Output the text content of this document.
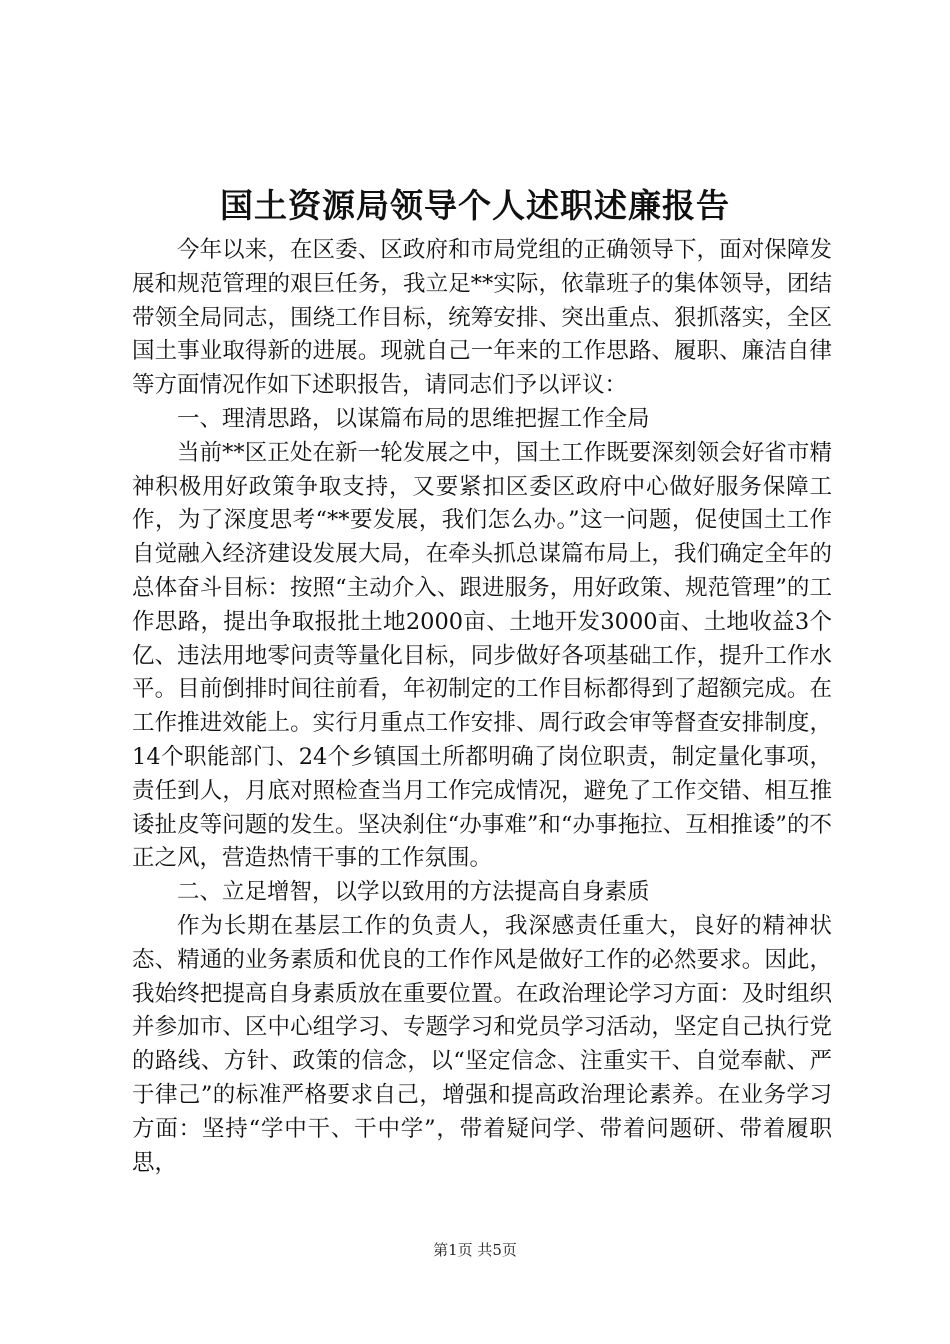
国土资源局领导个人述职述廉报告

今年以来，在区委、区政府和市局党组的正确领导下，面对保障发展和规范管理的艰巨任务，我立足**实际，依靠班子的集体领导，团结带领全局同志，围绕工作目标，统筹安排、突出重点、狠抓落实，全区国土事业取得新的进展。现就自己一年来的工作思路、履职、廉洁自律等方面情况作如下述职报告，请同志们予以评议：

一、理清思路，以谋篇布局的思维把握工作全局

当前**区正处在新一轮发展之中，国土工作既要深刻领会好省市精神积极用好政策争取支持，又要紧扣区委区政府中心做好服务保障工作，为了深度思考“**要发展，我们怎么办。”这一问题，促使国土工作自觉融入经济建设发展大局，在牵头抓总谋篇布局上，我们确定全年的总体奋斗目标：按照“主动介入、跟进服务，用好政策、规范管理”的工作思路，提出争取报批土地2000亩、土地开发3000亩、土地收益3个亿、违法用地零问责等量化目标，同步做好各项基础工作，提升工作水平。目前倒排时间往前看，年初制定的工作目标都得到了超额完成。在工作推进效能上。实行月重点工作安排、周行政会审等督查安排制度，14个职能部门、24个乡镇国土所都明确了岗位职责，制定量化事项，责任到人，月底对照检查当月工作完成情况，避免了工作交错、相互推诿扯皮等问题的发生。坚决刹住“办事难”和“办事拖拉、互相推诿”的不正之风，营造热情干事的工作氛围。

二、立足增智，以学以致用的方法提高自身素质

作为长期在基层工作的负责人，我深感责任重大，良好的精神状态、精通的业务素质和优良的工作作风是做好工作的必然要求。因此，我始终把提高自身素质放在重要位置。在政治理论学习方面：及时组织并参加市、区中心组学习、专题学习和党员学习活动，坚定自己执行党的路线、方针、政策的信念，以“坚定信念、注重实干、自觉奉献、严于律己”的标准严格要求自己，增强和提高政治理论素养。在业务学习方面：坚持“学中干、干中学”，带着疑问学、带着问题研、带着履职思，

第1页 共5页
